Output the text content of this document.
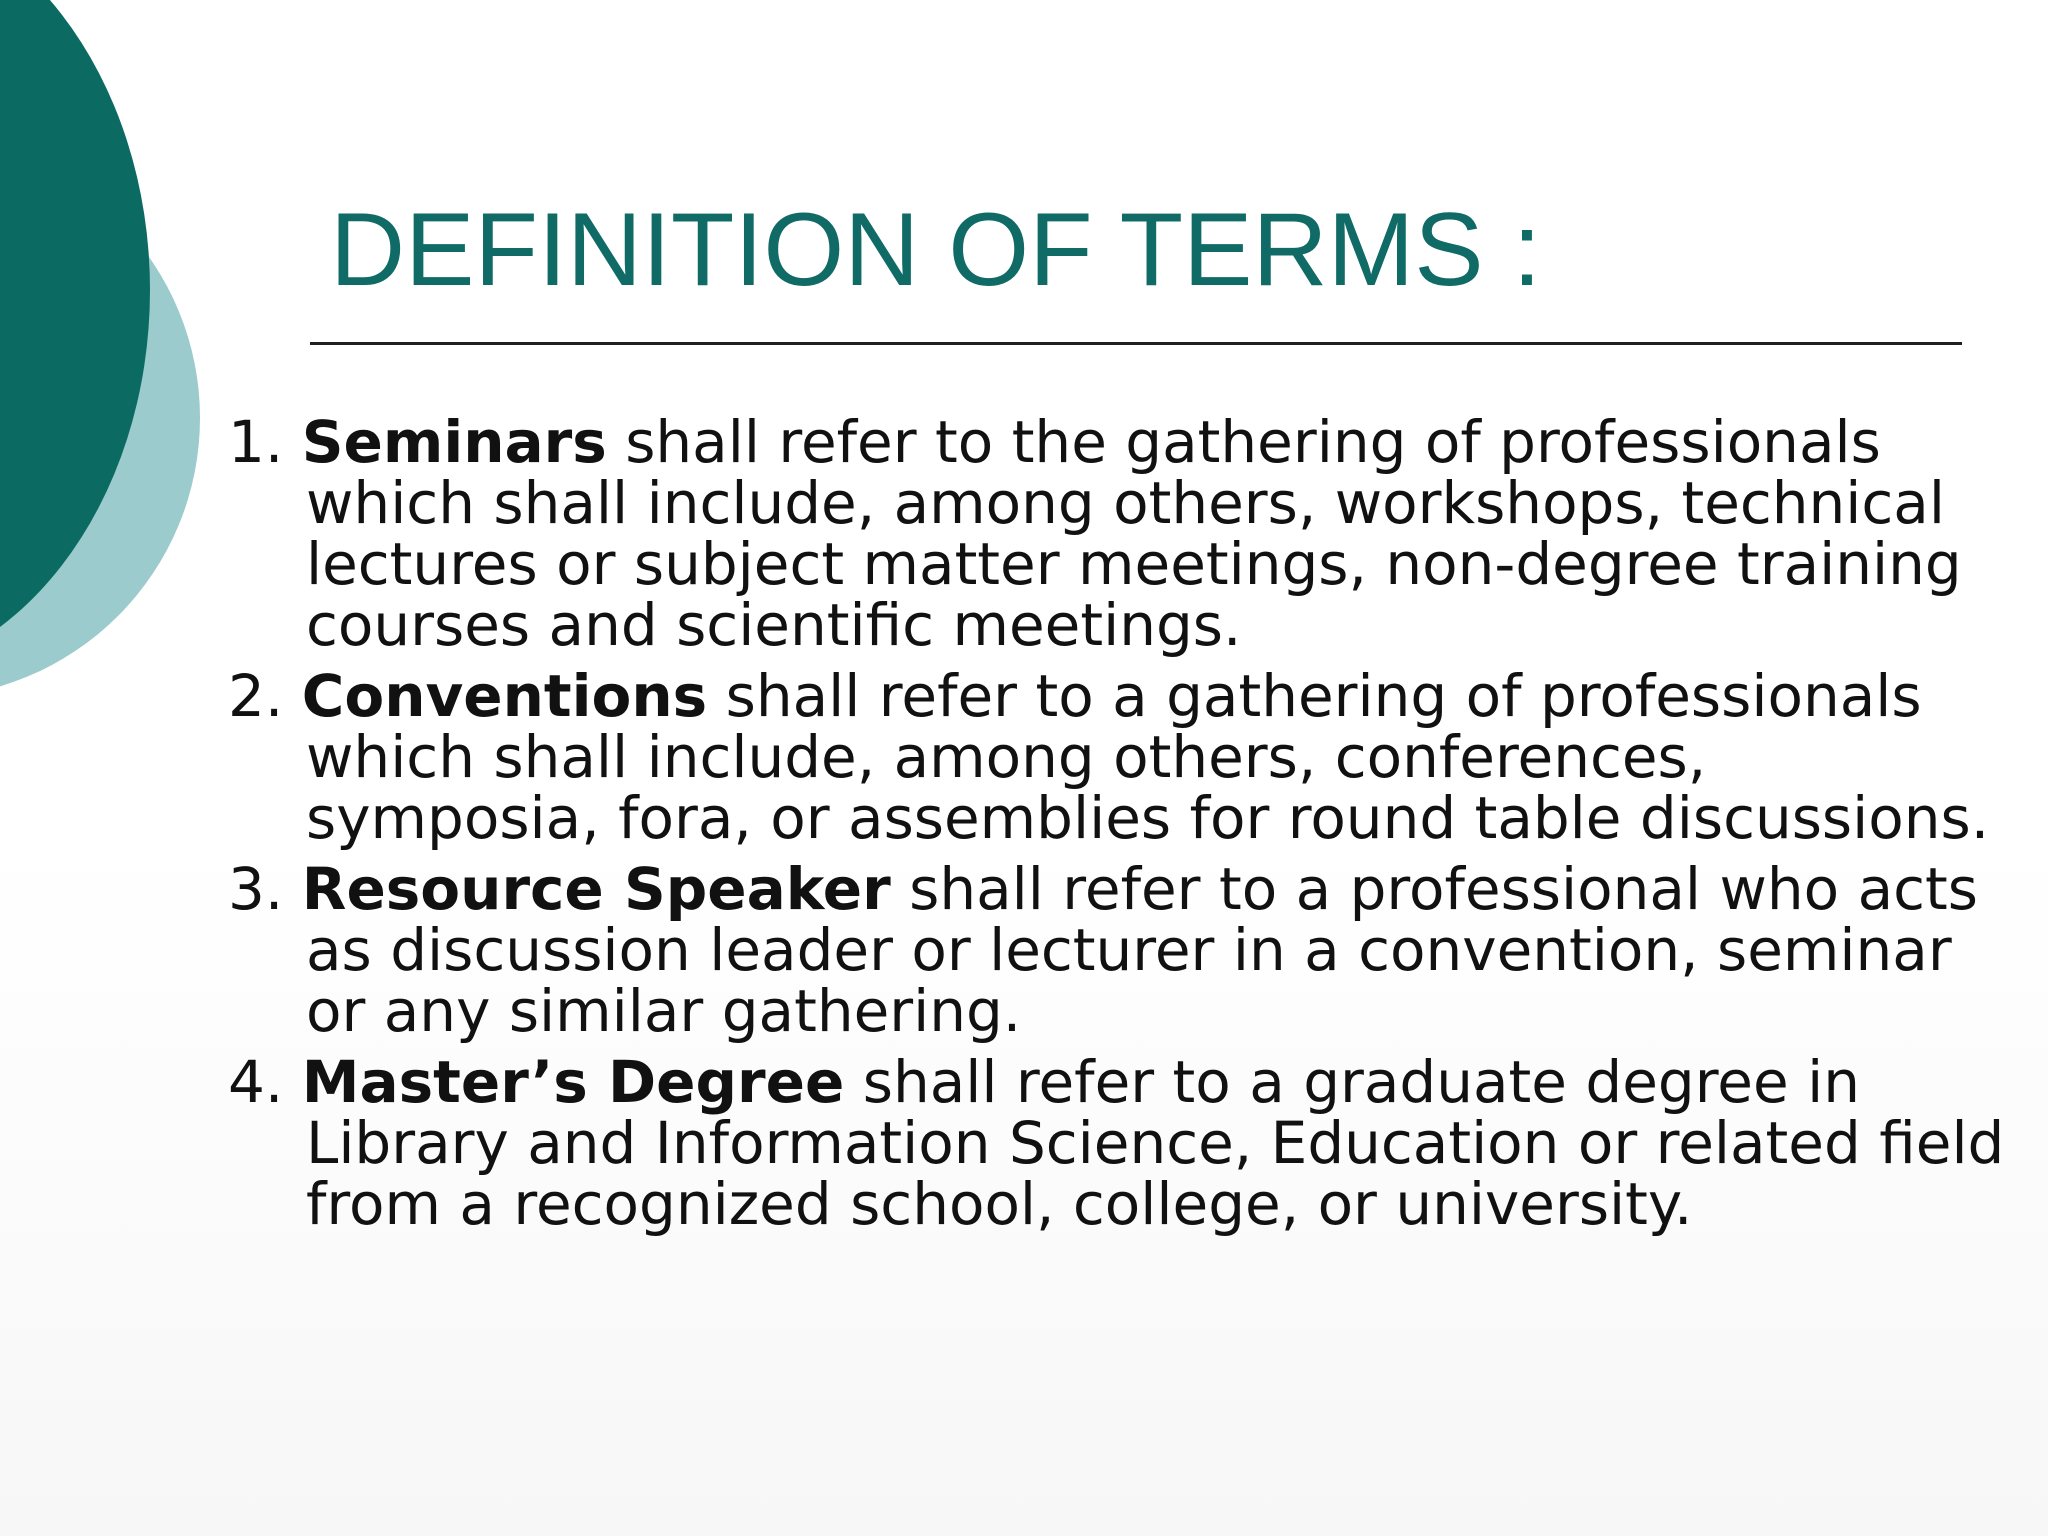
DEFINITION OF TERMS :
1. Seminars shall refer to the gathering of professionals which shall include, among others, workshops, technical lectures or subject matter meetings, non-degree training courses and scientific meetings.
2. Conventions shall refer to a gathering of professionals which shall include, among others, conferences, symposia, fora, or assemblies for round table discussions.
3. Resource Speaker shall refer to a professional who acts as discussion leader or lecturer in a convention, seminar or any similar gathering.
4. Master’s Degree shall refer to a graduate degree in Library and Information Science, Education or related field from a recognized school, college, or university.
